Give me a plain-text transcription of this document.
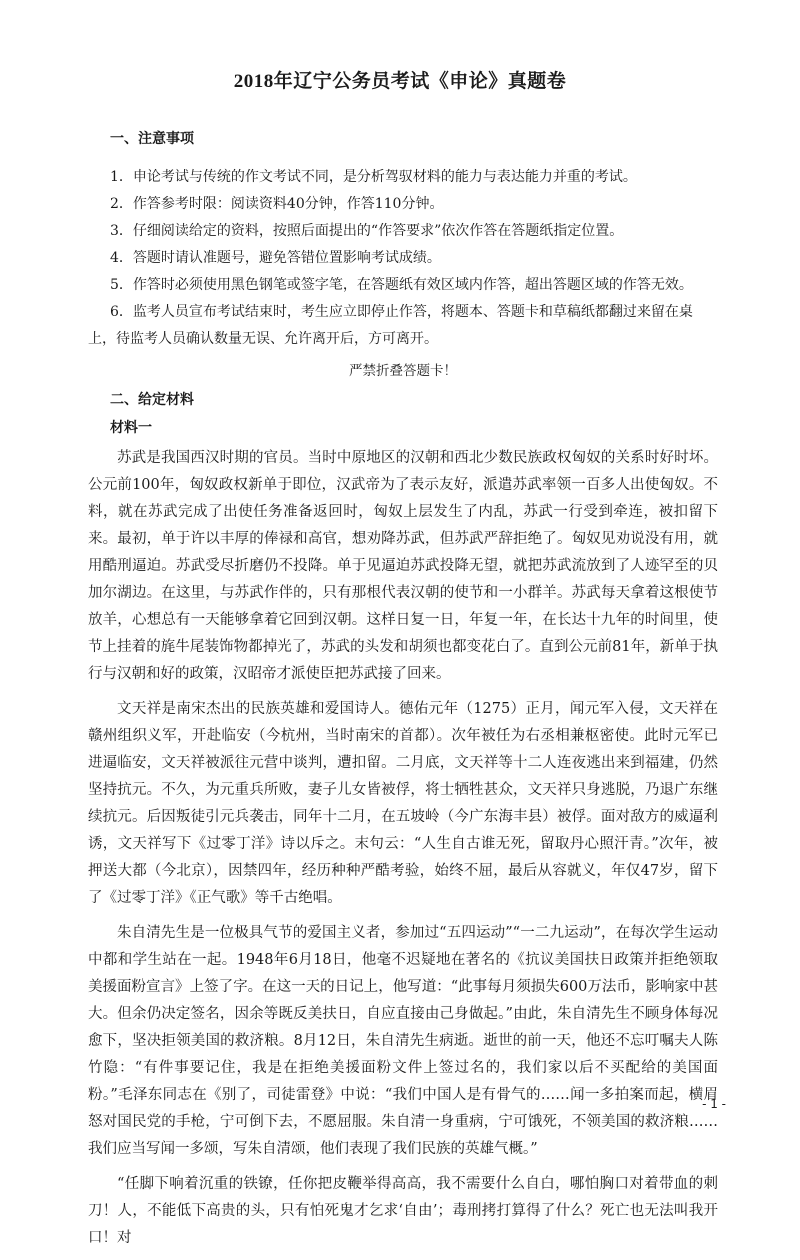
2018年辽宁公务员考试《申论》真题卷
一、注意事项

1．申论考试与传统的作文考试不同，是分析驾驭材料的能力与表达能力并重的考试。

2．作答参考时限：阅读资料40分钟，作答110分钟。

3．仔细阅读给定的资料，按照后面提出的“作答要求”依次作答在答题纸指定位置。

4．答题时请认准题号，避免答错位置影响考试成绩。

5．作答时必须使用黑色钢笔或签字笔，在答题纸有效区域内作答，超出答题区域的作答无效。

6．监考人员宣布考试结束时，考生应立即停止作答，将题本、答题卡和草稿纸都翻过来留在桌上，待监考人员确认数量无误、允许离开后，方可离开。

严禁折叠答题卡！
二、给定材料
材料一

苏武是我国西汉时期的官员。当时中原地区的汉朝和西北少数民族政权匈奴的关系时好时坏。公元前100年，匈奴政权新单于即位，汉武帝为了表示友好，派遣苏武率领一百多人出使匈奴。不料，就在苏武完成了出使任务准备返回时，匈奴上层发生了内乱，苏武一行受到牵连，被扣留下来。最初，单于许以丰厚的俸禄和高官，想劝降苏武，但苏武严辞拒绝了。匈奴见劝说没有用，就用酷刑逼迫。苏武受尽折磨仍不投降。单于见逼迫苏武投降无望，就把苏武流放到了人迹罕至的贝加尔湖边。在这里，与苏武作伴的，只有那根代表汉朝的使节和一小群羊。苏武每天拿着这根使节放羊，心想总有一天能够拿着它回到汉朝。这样日复一日，年复一年，在长达十九年的时间里，使节上挂着的旄牛尾装饰物都掉光了，苏武的头发和胡须也都变花白了。直到公元前81年，新单于执行与汉朝和好的政策，汉昭帝才派使臣把苏武接了回来。

文天祥是南宋杰出的民族英雄和爱国诗人。德佑元年（1275）正月，闻元军入侵，文天祥在赣州组织义军，开赴临安（今杭州，当时南宋的首都）。次年被任为右丞相兼枢密使。此时元军已进逼临安，文天祥被派往元营中谈判，遭扣留。二月底，文天祥等十二人连夜逃出来到福建，仍然坚持抗元。不久，为元重兵所败，妻子儿女皆被俘，将士牺牲甚众，文天祥只身逃脱，乃退广东继续抗元。后因叛徒引元兵袭击，同年十二月，在五坡岭（今广东海丰县）被俘。面对敌方的威逼利诱，文天祥写下《过零丁洋》诗以斥之。末句云：“人生自古谁无死，留取丹心照汗青。”次年，被押送大都（今北京），因禁四年，经历种种严酷考验，始终不屈，最后从容就义，年仅47岁，留下了《过零丁洋》《正气歌》等千古绝唱。

朱自清先生是一位极具气节的爱国主义者，参加过“五四运动”“一二九运动”，在每次学生运动中都和学生站在一起。1948年6月18日，他毫不迟疑地在著名的《抗议美国扶日政策并拒绝领取美援面粉宣言》上签了字。在这一天的日记上，他写道：“此事每月须损失600万法币，影响家中甚大。但余仍决定签名，因余等既反美扶日，自应直接由己身做起。”由此，朱自清先生不顾身体每况愈下，坚决拒领美国的救济粮。8月12日，朱自清先生病逝。逝世的前一天，他还不忘叮嘱夫人陈竹隐：“有件事要记住，我是在拒绝美援面粉文件上签过名的，我们家以后不买配给的美国面粉。”毛泽东同志在《别了，司徒雷登》中说：“我们中国人是有骨气的……闻一多拍案而起，横眉怒对国民党的手枪，宁可倒下去，不愿屈服。朱自清一身重病，宁可饿死，不领美国的救济粮……我们应当写闻一多颂，写朱自清颂，他们表现了我们民族的英雄气概。”

“任脚下响着沉重的铁镣，任你把皮鞭举得高高，我不需要什么自白，哪怕胸口对着带血的刺刀！人，不能低下高贵的头，只有怕死鬼才乞求‘自由’；毒刑拷打算得了什么？死亡也无法叫我开口！对

- 1 -
